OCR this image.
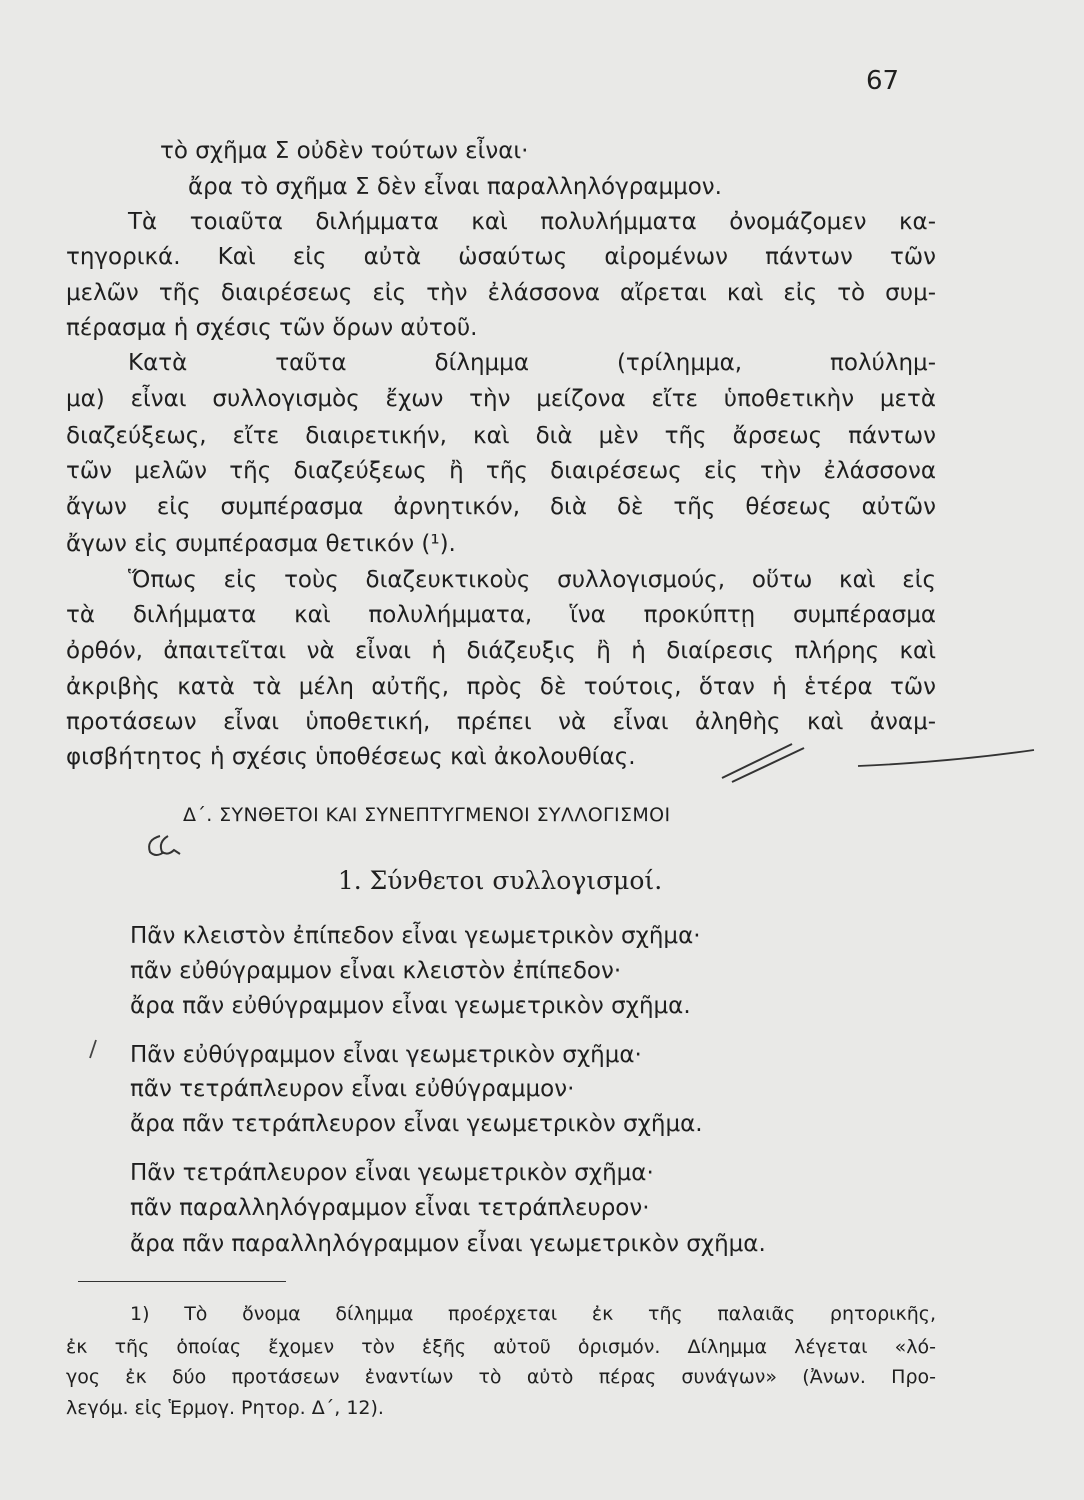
67
τὸ σχῆμα Σ οὐδὲν τούτων εἶναι·
ἄρα τὸ σχῆμα Σ δὲν εἶναι παραλληλόγραμμον.
Τὰ τοιαῦτα διλήμματα καὶ πολυλήμματα ὀνομάζομεν κα-
τηγορικά. Καὶ εἰς αὐτὰ ὡσαύτως αἰρομένων πάντων τῶν
μελῶν τῆς διαιρέσεως εἰς τὴν ἐλάσσονα αἴρεται καὶ εἰς τὸ συμ-
πέρασμα ἡ σχέσις τῶν ὅρων αὐτοῦ.
Κατὰ ταῦτα δίλημμα (τρίλημμα, πολύλημ-
μα) εἶναι συλλογισμὸς ἔχων τὴν μείζονα εἴτε ὑποθετικὴν μετὰ
διαζεύξεως, εἴτε διαιρετικήν, καὶ διὰ μὲν τῆς ἄρσεως πάντων
τῶν μελῶν τῆς διαζεύξεως ἢ τῆς διαιρέσεως εἰς τὴν ἐλάσσονα
ἄγων εἰς συμπέρασμα ἀρνητικόν, διὰ δὲ τῆς θέσεως αὐτῶν
ἄγων εἰς συμπέρασμα θετικόν (¹).
Ὅπως εἰς τοὺς διαζευκτικοὺς συλλογισμούς, οὕτω καὶ εἰς
τὰ διλήμματα καὶ πολυλήμματα, ἵνα προκύπτῃ συμπέρασμα
ὀρθόν, ἀπαιτεῖται νὰ εἶναι ἡ διάζευξις ἢ ἡ διαίρεσις πλήρης καὶ
ἀκριβὴς κατὰ τὰ μέλη αὐτῆς, πρὸς δὲ τούτοις, ὅταν ἡ ἑτέρα τῶν
προτάσεων εἶναι ὑποθετική, πρέπει νὰ εἶναι ἀληθὴς καὶ ἀναμ-
φισβήτητος ἡ σχέσις ὑποθέσεως καὶ ἀκολουθίας.
Δ΄. ΣΥΝΘΕΤΟΙ ΚΑΙ ΣΥΝΕΠΤΥΓΜΕΝΟΙ ΣΥΛΛΟΓΙΣΜΟΙ
1. Σύνθετοι συλλογισμοί.
Πᾶν κλειστὸν ἐπίπεδον εἶναι γεωμετρικὸν σχῆμα·
πᾶν εὐθύγραμμον εἶναι κλειστὸν ἐπίπεδον·
ἄρα πᾶν εὐθύγραμμον εἶναι γεωμετρικὸν σχῆμα.
Πᾶν εὐθύγραμμον εἶναι γεωμετρικὸν σχῆμα·
πᾶν τετράπλευρον εἶναι εὐθύγραμμον·
ἄρα πᾶν τετράπλευρον εἶναι γεωμετρικὸν σχῆμα.
Πᾶν τετράπλευρον εἶναι γεωμετρικὸν σχῆμα·
πᾶν παραλληλόγραμμον εἶναι τετράπλευρον·
ἄρα πᾶν παραλληλόγραμμον εἶναι γεωμετρικὸν σχῆμα.
1) Τὸ ὄνομα δίλημμα προέρχεται ἐκ τῆς παλαιᾶς ρητορικῆς,
ἐκ τῆς ὁποίας ἔχομεν τὸν ἑξῆς αὐτοῦ ὁρισμόν. Δίλημμα λέγεται «λό-
γος ἐκ δύο προτάσεων ἐναντίων τὸ αὐτὸ πέρας συνάγων» (Ἀνων. Προ-
λεγόμ. εἰς Ἑρμογ. Ρητορ. Δ΄, 12).
